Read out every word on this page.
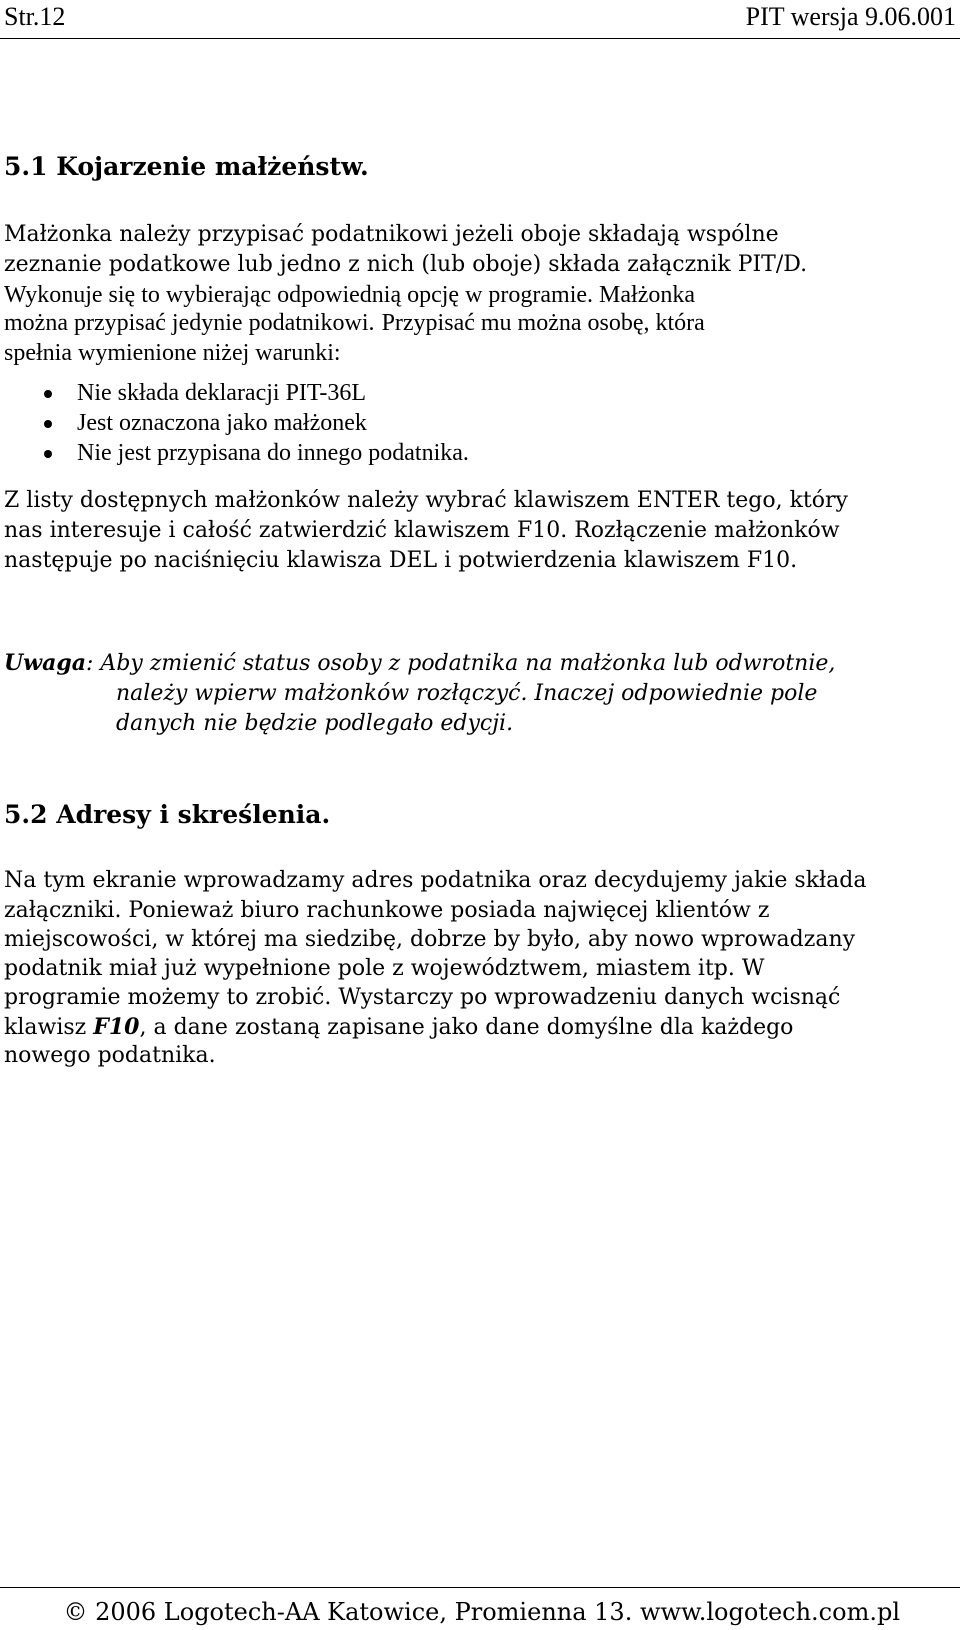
Str.12	PIT wersja 9.06.001
5.1 Kojarzenie małżeństw.
Małżonka należy przypisać podatnikowi jeżeli oboje składają wspólne
zeznanie podatkowe lub jedno z nich (lub oboje) składa załącznik PIT/D.
Wykonuje się to wybierając odpowiednią opcję w programie. Małżonka
można przypisać jedynie podatnikowi. Przypisać mu można osobę, która
spełnia wymienione niżej warunki:
Nie składa deklaracji PIT-36L
Jest oznaczona jako małżonek
Nie jest przypisana do innego podatnika.
Z listy dostępnych małżonków należy wybrać klawiszem ENTER tego, który
nas interesuje i całość zatwierdzić klawiszem F10. Rozłączenie małżonków
następuje po naciśnięciu klawisza DEL i potwierdzenia klawiszem F10.
Uwaga: Aby zmienić status osoby z podatnika na małżonka lub odwrotnie,
należy wpierw małżonków rozłączyć. Inaczej odpowiednie pole
danych nie będzie podlegało edycji.
5.2 Adresy i skreślenia.
Na tym ekranie wprowadzamy adres podatnika oraz decydujemy jakie składa
załączniki. Ponieważ biuro rachunkowe posiada najwięcej klientów z
miejscowości, w której ma siedzibę, dobrze by było, aby nowo wprowadzany
podatnik miał już wypełnione pole z województwem, miastem itp. W
programie możemy to zrobić. Wystarczy po wprowadzeniu danych wcisnąć
klawisz F10, a dane zostaną zapisane jako dane domyślne dla każdego
nowego podatnika.
© 2006 Logotech-AA Katowice, Promienna 13. www.logotech.com.pl
